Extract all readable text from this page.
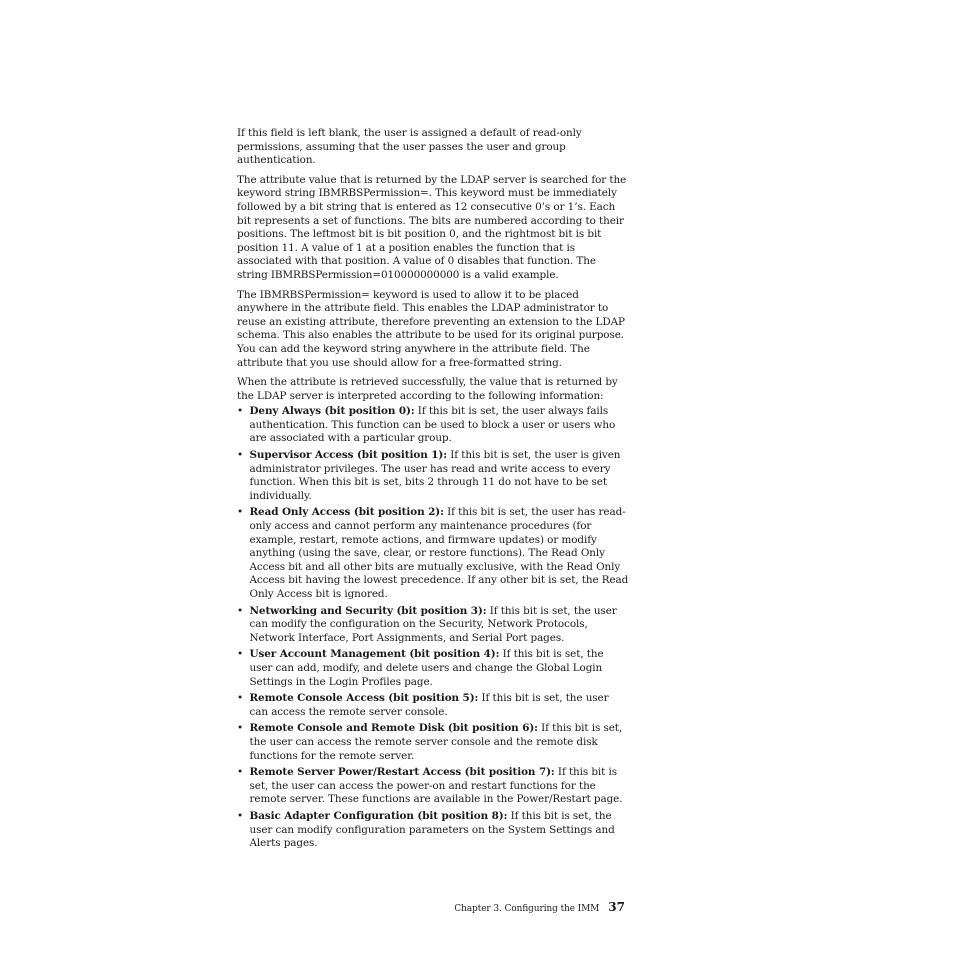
If this field is left blank, the user is assigned a default of read-only permissions, assuming that the user passes the user and group authentication.

The attribute value that is returned by the LDAP server is searched for the keyword string IBMRBSPermission=. This keyword must be immediately followed by a bit string that is entered as 12 consecutive 0’s or 1’s. Each bit represents a set of functions. The bits are numbered according to their positions. The leftmost bit is bit position 0, and the rightmost bit is bit position 11. A value of 1 at a position enables the function that is associated with that position. A value of 0 disables that function. The string IBMRBSPermission=010000000000 is a valid example.

The IBMRBSPermission= keyword is used to allow it to be placed anywhere in the attribute field. This enables the LDAP administrator to reuse an existing attribute, therefore preventing an extension to the LDAP schema. This also enables the attribute to be used for its original purpose. You can add the keyword string anywhere in the attribute field. The attribute that you use should allow for a free-formatted string.

When the attribute is retrieved successfully, the value that is returned by the LDAP server is interpreted according to the following information:

• Deny Always (bit position 0): If this bit is set, the user always fails authentication. This function can be used to block a user or users who are associated with a particular group.
• Supervisor Access (bit position 1): If this bit is set, the user is given administrator privileges. The user has read and write access to every function. When this bit is set, bits 2 through 11 do not have to be set individually.
• Read Only Access (bit position 2): If this bit is set, the user has read-only access and cannot perform any maintenance procedures (for example, restart, remote actions, and firmware updates) or modify anything (using the save, clear, or restore functions). The Read Only Access bit and all other bits are mutually exclusive, with the Read Only Access bit having the lowest precedence. If any other bit is set, the Read Only Access bit is ignored.
• Networking and Security (bit position 3): If this bit is set, the user can modify the configuration on the Security, Network Protocols, Network Interface, Port Assignments, and Serial Port pages.
• User Account Management (bit position 4): If this bit is set, the user can add, modify, and delete users and change the Global Login Settings in the Login Profiles page.
• Remote Console Access (bit position 5): If this bit is set, the user can access the remote server console.
• Remote Console and Remote Disk (bit position 6): If this bit is set, the user can access the remote server console and the remote disk functions for the remote server.
• Remote Server Power/Restart Access (bit position 7): If this bit is set, the user can access the power-on and restart functions for the remote server. These functions are available in the Power/Restart page.
• Basic Adapter Configuration (bit position 8): If this bit is set, the user can modify configuration parameters on the System Settings and Alerts pages.
Chapter 3. Configuring the IMM 37
